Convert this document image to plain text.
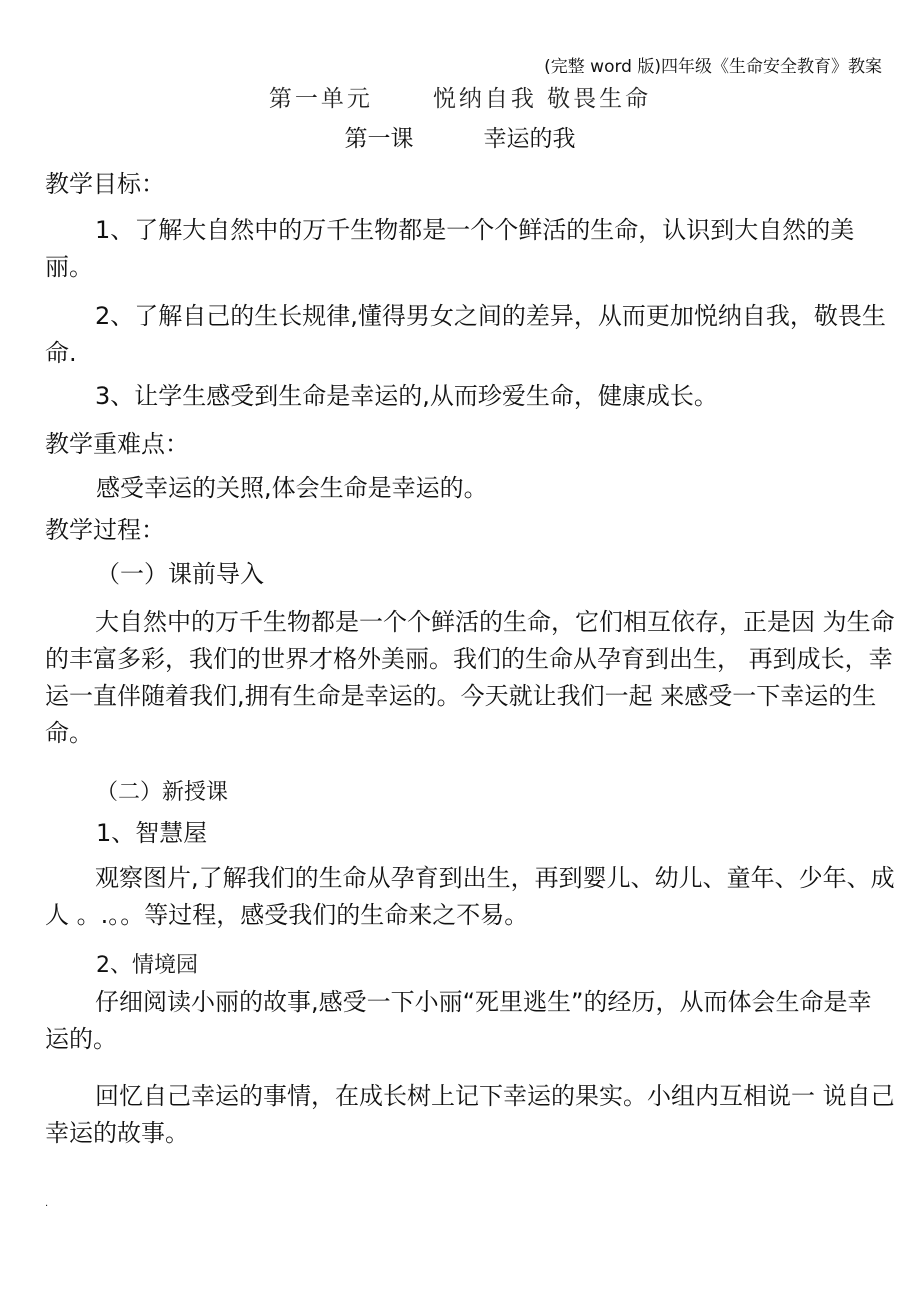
(完整 word 版)四年级《生命安全教育》教案
第一单元	悦纳自我 敬畏生命
第一课	幸运的我
教学目标：
1、了解大自然中的万千生物都是一个个鲜活的生命，认识到大自然的美丽。
2、了解自己的生长规律,懂得男女之间的差异，从而更加悦纳自我，敬畏生命.
3、让学生感受到生命是幸运的,从而珍爱生命，健康成长。
教学重难点：
感受幸运的关照,体会生命是幸运的。
教学过程：
（一）课前导入
大自然中的万千生物都是一个个鲜活的生命，它们相互依存，正是因 为生命的丰富多彩，我们的世界才格外美丽。我们的生命从孕育到出生， 再到成长，幸运一直伴随着我们,拥有生命是幸运的。今天就让我们一起 来感受一下幸运的生命。
（二）新授课
1、智慧屋
观察图片,了解我们的生命从孕育到出生，再到婴儿、幼儿、童年、少年、成人 。.。。等过程，感受我们的生命来之不易。
2、情境园
仔细阅读小丽的故事,感受一下小丽“死里逃生”的经历，从而体会生命是幸运的。
回忆自己幸运的事情，在成长树上记下幸运的果实。小组内互相说一 说自己幸运的故事。
.
